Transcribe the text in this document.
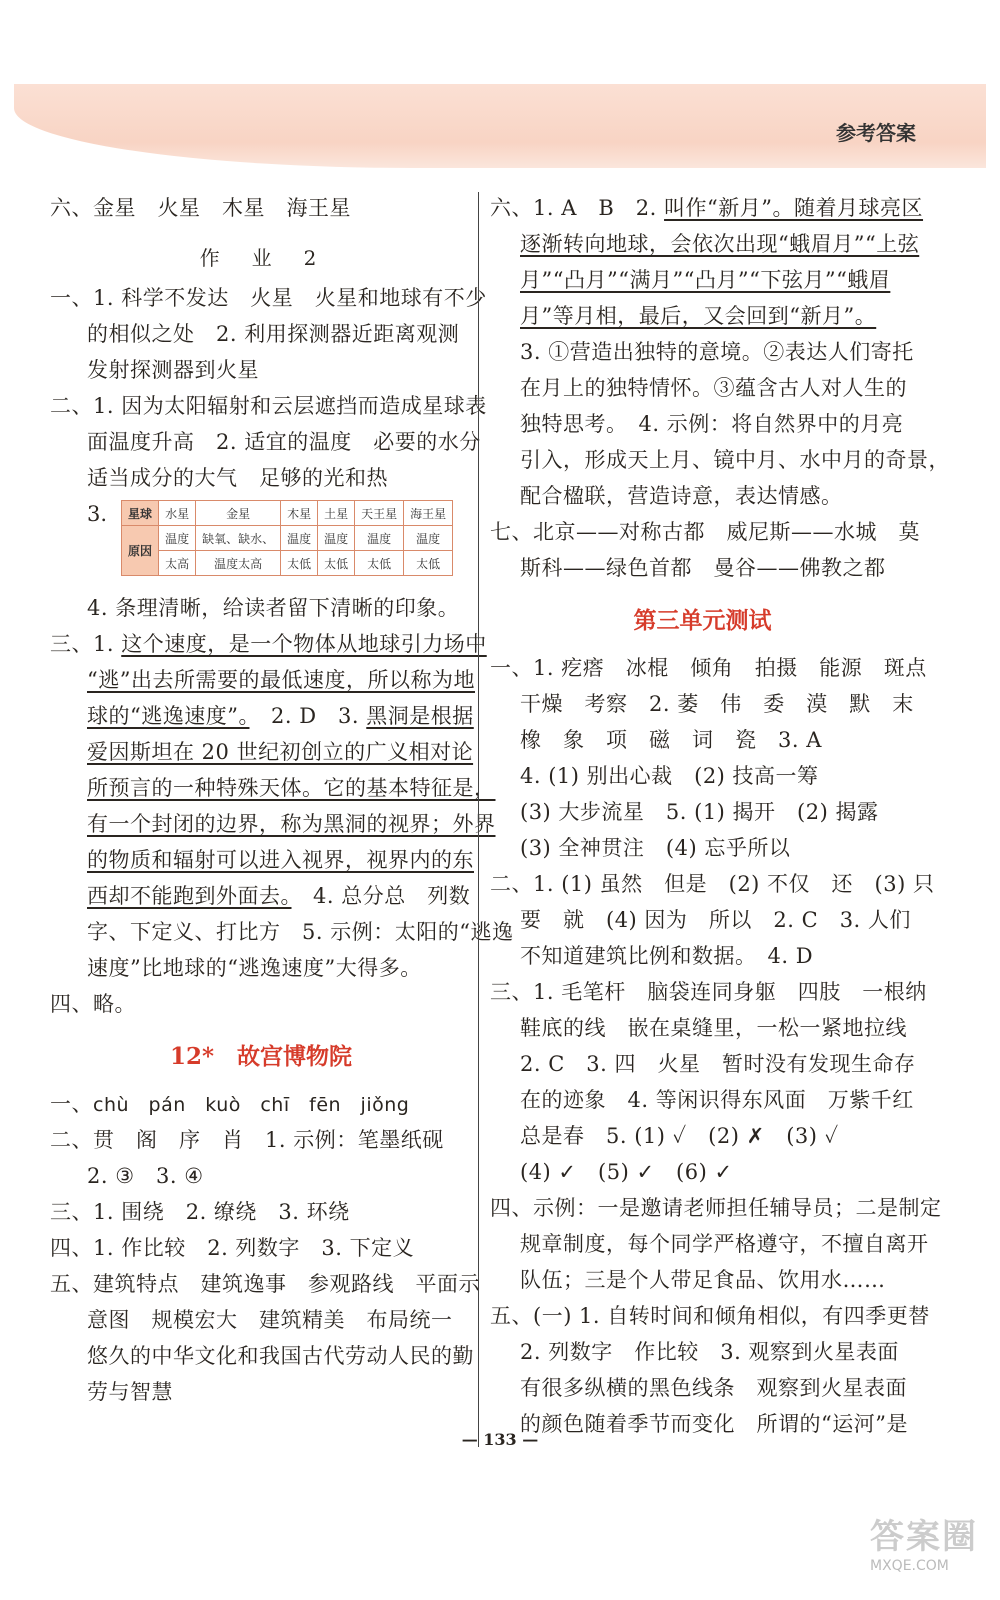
参考答案
六、金星　火星　木星　海王星
作　业　2
一、1. 科学不发达　火星　火星和地球有不少
的相似之处　2. 利用探测器近距离观测
发射探测器到火星
二、1. 因为太阳辐射和云层遮挡而造成星球表
面温度升高　2. 适宜的温度　必要的水分
适当成分的大气　足够的光和热
3. 星球	水星	金星	木星	土星	天王星	海王星
原因	温度	缺氧、缺水、	温度	温度	温度	温度
	太高	温度太高	太低	太低	太低	太低
4. 条理清晰，给读者留下清晰的印象。
三、1. 这个速度，是一个物体从地球引力场中
“逃”出去所需要的最低速度，所以称为地
球的“逃逸速度”。　2. D　3. 黑洞是根据
爱因斯坦在 20 世纪初创立的广义相对论
所预言的一种特殊天体。它的基本特征是，
有一个封闭的边界，称为黑洞的视界；外界
的物质和辐射可以进入视界，视界内的东
西却不能跑到外面去。　4. 总分总　列数
字、下定义、打比方　5. 示例：太阳的“逃逸
速度”比地球的“逃逸速度”大得多。
四、略。
12*　故宫博物院
一、chù　pán　kuò　chī　fēn　jiǒng
二、贯　阁　序　肖　1. 示例：笔墨纸砚
2. ③　3. ④
三、1. 围绕　2. 缭绕　3. 环绕
四、1. 作比较　2. 列数字　3. 下定义
五、建筑特点　建筑逸事　参观路线　平面示
意图　规模宏大　建筑精美　布局统一
悠久的中华文化和我国古代劳动人民的勤
劳与智慧
六、1. A　B　2. 叫作“新月”。随着月球亮区
逐渐转向地球，会依次出现“蛾眉月”“上弦
月”“凸月”“满月”“凸月”“下弦月”“蛾眉
月”等月相，最后，又会回到“新月”。
3. ①营造出独特的意境。②表达人们寄托
在月上的独特情怀。③蕴含古人对人生的
独特思考。　4. 示例：将自然界中的月亮
引入，形成天上月、镜中月、水中月的奇景，
配合楹联，营造诗意，表达情感。
七、北京——对称古都　威尼斯——水城　莫
斯科——绿色首都　曼谷——佛教之都
第三单元测试
一、1. 疙瘩　冰棍　倾角　拍摄　能源　斑点
干燥　考察　2. 萎　伟　委　漠　默　末
橡　象　项　磁　词　瓷　3. A
4. (1) 别出心裁　(2) 技高一筹
(3) 大步流星　5. (1) 揭开　(2) 揭露
(3) 全神贯注　(4) 忘乎所以
二、1. (1) 虽然　但是　(2) 不仅　还　(3) 只
要　就　(4) 因为　所以　2. C　3. 人们
不知道建筑比例和数据。　4. D
三、1. 毛笔杆　脑袋连同身躯　四肢　一根纳
鞋底的线　嵌在桌缝里，一松一紧地拉线
2. C　3. 四　火星　暂时没有发现生命存
在的迹象　4. 等闲识得东风面　万紫千红
总是春　5. (1) ✓　(2) ✗　(3) ✓
(4) ✓　(5) ✓　(6) ✓
四、示例：一是邀请老师担任辅导员；二是制定
规章制度，每个同学严格遵守，不擅自离开
队伍；三是个人带足食品、饮用水……
五、(一) 1. 自转时间和倾角相似，有四季更替
2. 列数字　作比较　3. 观察到火星表面
有很多纵横的黑色线条　观察到火星表面
的颜色随着季节而变化　所谓的“运河”是
— 133 —
答案圈
MXQE.COM
